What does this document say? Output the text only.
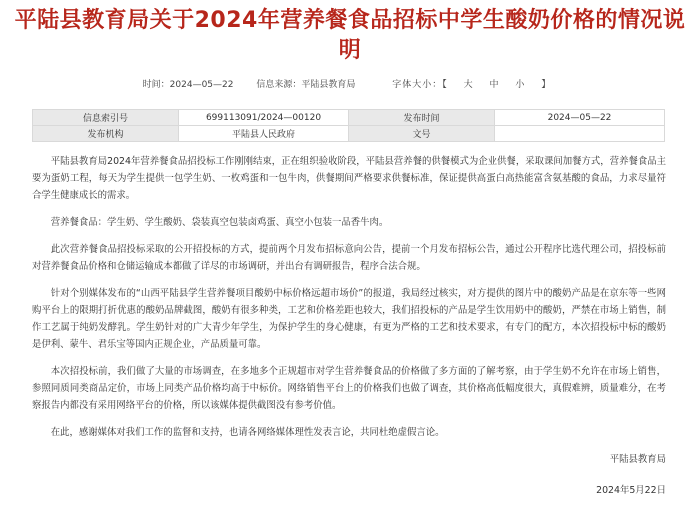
平陆县教育局关于2024年营养餐食品招标中学生酸奶价格的情况说
明
时间：2024—05—22	信息来源：平陆县教育局	字体大小：【 大 中 小 】
信息索引号	699113091/2024—00120	发布时间	2024—05—22
发布机构	平陆县人民政府	文号	

平陆县教育局2024年营养餐食品招投标工作刚刚结束，正在组织验收阶段，平陆县营养餐的供餐模式为企业供餐，采取课间加餐方式，营养餐食品主要为蛋奶工程，每天为学生提供一包学生奶、一枚鸡蛋和一包牛肉，供餐期间严格要求供餐标准，保证提供高蛋白高热能富含氨基酸的食品，力求尽量符合学生健康成长的需求。

营养餐食品：学生奶、学生酸奶、袋装真空包装卤鸡蛋、真空小包装一品香牛肉。

此次营养餐食品招投标采取的公开招投标的方式，提前两个月发布招标意向公告，提前一个月发布招标公告，通过公开程序比选代理公司，招投标前对营养餐食品价格和仓储运输成本都做了详尽的市场调研，并出台有调研报告，程序合法合规。

针对个别媒体发布的“山西平陆县学生营养餐项目酸奶中标价格远超市场价”的报道，我局经过核实，对方提供的图片中的酸奶产品是在京东等一些网购平台上的限期打折优惠的酸奶品牌截图，酸奶有很多种类，工艺和价格差距也较大，我们招投标的产品是学生饮用奶中的酸奶，严禁在市场上销售，制作工艺属于纯奶发酵乳。学生奶针对的广大青少年学生，为保护学生的身心健康，有更为严格的工艺和技术要求，有专门的配方，本次招投标中标的酸奶是伊利、蒙牛、君乐宝等国内正规企业，产品质量可靠。

本次招投标前，我们做了大量的市场调查，在多地多个正规超市对学生营养餐食品的价格做了多方面的了解考察，由于学生奶不允许在市场上销售，参照同质同类商品定价，市场上同类产品价格均高于中标价。网络销售平台上的价格我们也做了调查，其价格高低幅度很大，真假难辨，质量难分，在考察报告内都没有采用网络平台的价格，所以该媒体提供截图没有参考价值。

在此，感谢媒体对我们工作的监督和支持，也请各网络媒体理性发表言论，共同杜绝虚假言论。

平陆县教育局

2024年5月22日
